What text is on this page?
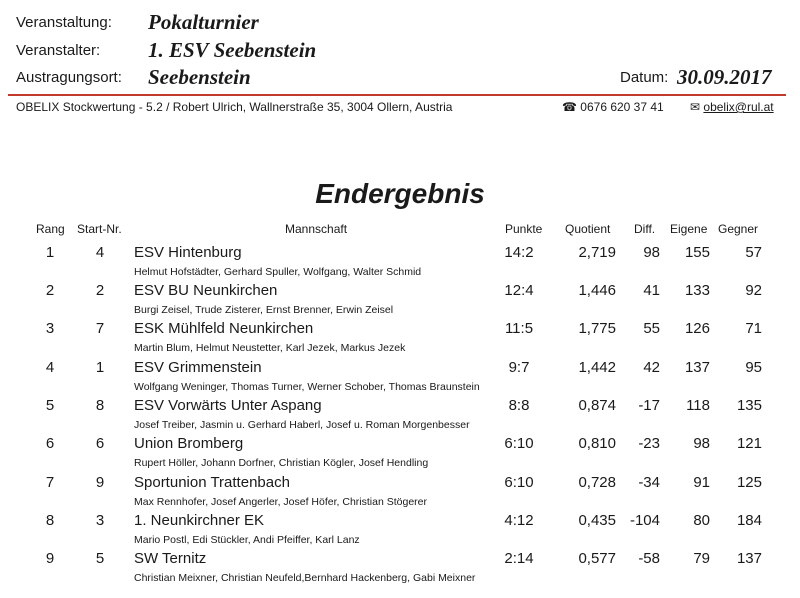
Veranstaltung: Pokalturnier
Veranstalter: 1. ESV Seebenstein
Austragungsort: Seebenstein	Datum: 30.09.2017
OBELIX Stockwertung - 5.2 / Robert Ulrich, Wallnerstraße 35, 3004 Ollern, Austria	☎ 0676 620 37 41 ✉ obelix@rul.at
Endergebnis
Rang Start-Nr.	Mannschaft	Punkte Quotient Diff. Eigene Gegner
1	4	ESV Hintenburg
Helmut Hofstädter, Gerhard Spuller, Wolfgang, Walter Schmid
14:2	2,719	98	155	57
2	2	ESV BU Neunkirchen
Burgi Zeisel, Trude Zisterer, Ernst Brenner, Erwin Zeisel
12:4	1,446	41	133	92
3	7	ESK Mühlfeld Neunkirchen
Martin Blum, Helmut Neustetter, Karl Jezek, Markus Jezek
11:5	1,775	55	126	71
4	1	ESV Grimmenstein
Wolfgang Weninger, Thomas Turner, Werner Schober, Thomas Braunstein
9:7	1,442	42	137	95
5	8	ESV Vorwärts Unter Aspang
Josef Treiber, Jasmin u. Gerhard Haberl, Josef u. Roman Morgenbesser
8:8	0,874	-17	118	135
6	6	Union Bromberg
Rupert Höller, Johann Dorfner, Christian Kögler, Josef Hendling
6:10	0,810	-23	98	121
7	9	Sportunion Trattenbach
Max Rennhofer, Josef Angerler, Josef Höfer, Christian Stögerer
6:10	0,728	-34	91	125
8	3	1. Neunkirchner EK
Mario Postl, Edi Stückler, Andi Pfeiffer, Karl Lanz
4:12	0,435 -104	80	184
9	5	SW Ternitz
Christian Meixner, Christian Neufeld,Bernhard Hackenberg, Gabi Meixner
2:14	0,577	-58	79	137
